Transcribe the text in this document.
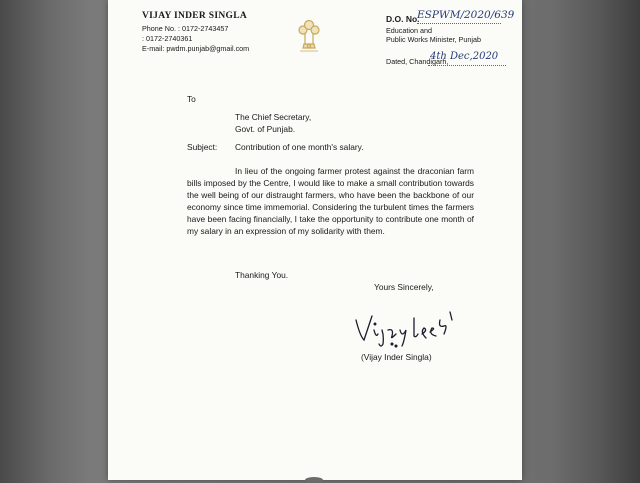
VIJAY INDER SINGLA
Phone No. : 0172-2743457
: 0172-2740361
E-mail: pwdm.punjab@gmail.com
D.O. No.
ESPWM/2020/639
Education and
Public Works Minister, Punjab
Dated, Chandigarh,
4th Dec,2020
To
The Chief Secretary,
Govt. of Punjab.
Subject: Contribution of one month's salary.
In lieu of the ongoing farmer protest against the draconian farm bills imposed by the Centre, I would like to make a small contribution towards the well being of our distraught farmers, who have been the backbone of our economy since time immemorial. Considering the turbulent times the farmers have been facing financially, I take the opportunity to contribute one month of my salary in an expression of my solidarity with them.
Thanking You.
Yours Sincerely,
(Vijay Inder Singla)
